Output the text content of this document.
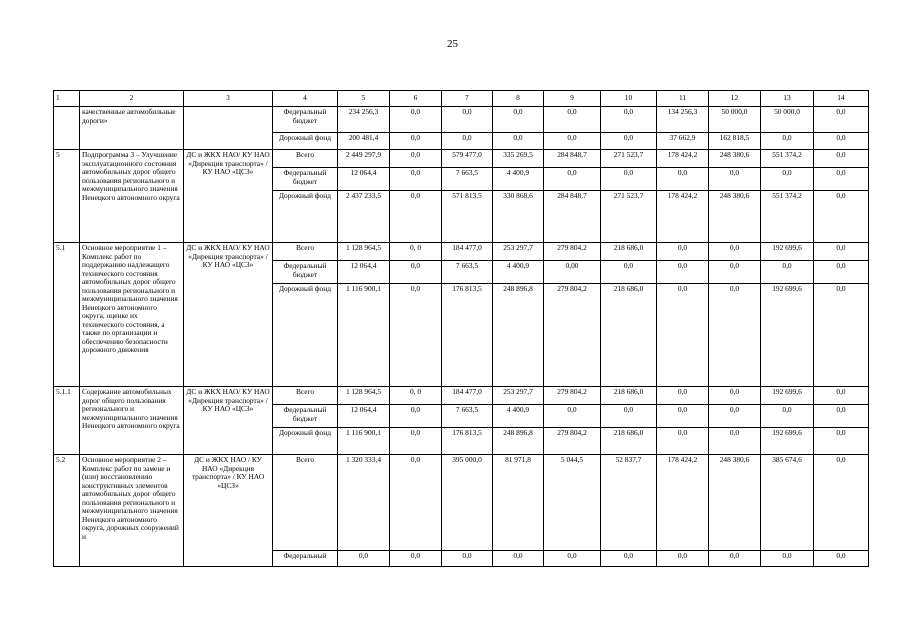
25
1	2	3	4	5	6	7	8	9	10	11	12	13	14
	качественные автомобильные дороги»		Федеральный бюджет	234 256,3	0,0	0,0	0,0	0,0	0,0	134 256,3	50 000,0	50 000,0	0,0
			Дорожный фонд	200 481,4	0,0	0,0	0,0	0,0	0,0	37 662,9	162 818,5	0,0	0,0
5	Подпрограмма 3 – Улучшение эксплуатационного состояния автомобильных дорог общего пользования регионального и межмуниципального значения Ненецкого автономного округа	ДС и ЖКХ НАО/ КУ НАО «Дирекция транспорта» / КУ НАО «ЦСЗ»	Всего	2 449 297,9	0,0	579 477,0	335 269,5	284 848,7	271 523,7	178 424,2	248 380,6	551 374,2	0,0
			Федеральный бюджет	12 064,4	0,0	7 663,5	4 400,9	0,0	0,0	0,0	0,0	0,0	0,0
			Дорожный фонд	2 437 233,5	0,0	571 813,5	330 868,6	284 848,7	271 523,7	178 424,2	248 380,6	551 374,2	0,0
5.1	Основное мероприятие 1 – Комплекс работ по поддержанию надлежащего технического состояния автомобильных дорог общего пользования регионального и межмуниципального значения Ненецкого автономного округа, оценке их технического состояния, а также по организации и обеспечению безопасности дорожного движения	ДС и ЖКХ НАО/ КУ НАО «Дирекция транспорта» / КУ НАО «ЦСЗ»	Всего	1 128 964,5	0, 0	184 477,0	253 297,7	279 804,2	218 686,0	0,0	0,0	192 699,6	0,0
			Федеральный бюджет	12 064,4	0,0	7 663,5	4 400,9	0,00	0,0	0,0	0,0	0,0	0,0
			Дорожный фонд	1 116 900,1	0,0	176 813,5	248 896,8	279 804,2	218 686,0	0,0	0,0	192 699,6	0,0
5.1.1	Содержание автомобильных дорог общего пользования регионального и межмуниципального значения Ненецкого автономного округа	ДС и ЖКХ НАО/ КУ НАО «Дирекция транспорта» / КУ НАО «ЦСЗ»	Всего	1 128 964,5	0, 0	184 477,0	253 297,7	279 804,2	218 686,0	0,0	0,0	192 699,6	0,0
			Федеральный бюджет	12 064,4	0,0	7 663,5	4 400,9	0,0	0,0	0,0	0,0	0,0	0,0
			Дорожный фонд	1 116 900,1	0,0	176 813,5	248 896,8	279 804,2	218 686,0	0,0	0,0	192 699,6	0,0
5.2	Основное мероприятие 2 – Комплекс работ по замене и (или) восстановлению конструктивных элементов автомобильных дорог общего пользования регионального и межмуниципального значения Ненецкого автономного округа, дорожных сооружений и	ДС и ЖКХ НАО / КУ НАО «Дирекция транспорта» / КУ НАО «ЦСЗ»	Всего	1 320 333,4	0,0	395 000,0	81 971,8	5 044,5	52 837,7	178 424,2	248 380,6	385 674,6	0,0
			Федеральный	0,0	0,0	0,0	0,0	0,0	0,0	0,0	0,0	0,0	0,0
